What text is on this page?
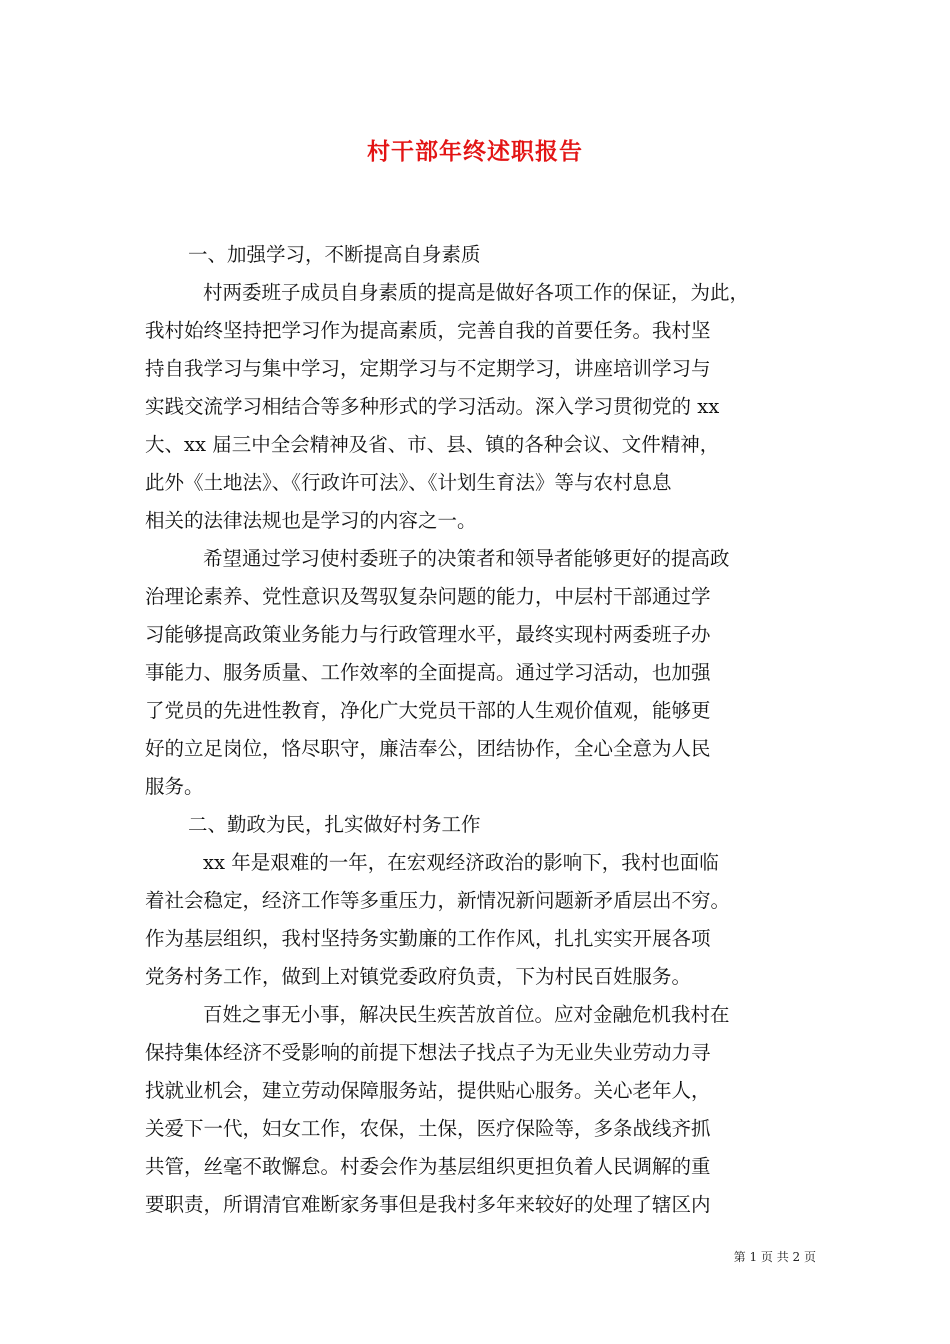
村干部年终述职报告
一、加强学习，不断提高自身素质
村两委班子成员自身素质的提高是做好各项工作的保证，为此，
我村始终坚持把学习作为提高素质，完善自我的首要任务。我村坚
持自我学习与集中学习，定期学习与不定期学习，讲座培训学习与
实践交流学习相结合等多种形式的学习活动。深入学习贯彻党的 xx
大、xx 届三中全会精神及省、市、县、镇的各种会议、文件精神，
此外《土地法》、《行政许可法》、《计划生育法》等与农村息息
相关的法律法规也是学习的内容之一。
希望通过学习使村委班子的决策者和领导者能够更好的提高政
治理论素养、党性意识及驾驭复杂问题的能力，中层村干部通过学
习能够提高政策业务能力与行政管理水平，最终实现村两委班子办
事能力、服务质量、工作效率的全面提高。通过学习活动，也加强
了党员的先进性教育，净化广大党员干部的人生观价值观，能够更
好的立足岗位，恪尽职守，廉洁奉公，团结协作，全心全意为人民
服务。
二、勤政为民，扎实做好村务工作
xx 年是艰难的一年，在宏观经济政治的影响下，我村也面临
着社会稳定，经济工作等多重压力，新情况新问题新矛盾层出不穷。
作为基层组织，我村坚持务实勤廉的工作作风，扎扎实实开展各项
党务村务工作，做到上对镇党委政府负责，下为村民百姓服务。
百姓之事无小事，解决民生疾苦放首位。应对金融危机我村在
保持集体经济不受影响的前提下想法子找点子为无业失业劳动力寻
找就业机会，建立劳动保障服务站，提供贴心服务。关心老年人，
关爱下一代，妇女工作，农保，土保，医疗保险等，多条战线齐抓
共管，丝毫不敢懈怠。村委会作为基层组织更担负着人民调解的重
要职责，所谓清官难断家务事但是我村多年来较好的处理了辖区内
第 1 页 共 2 页
